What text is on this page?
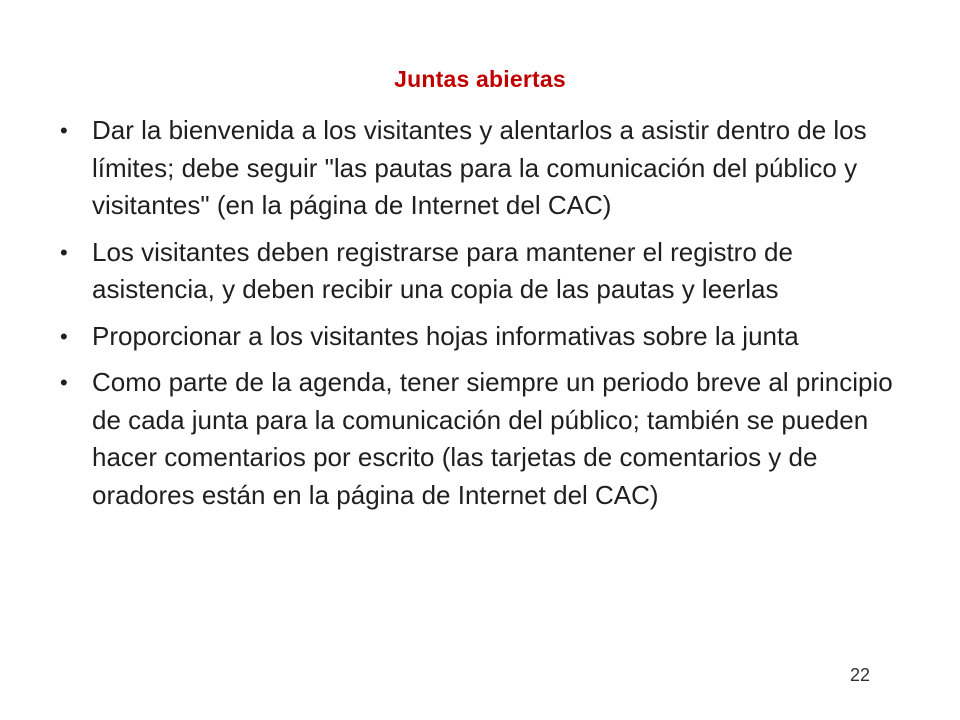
Juntas abiertas
• Dar la bienvenida a los visitantes y alentarlos a asistir dentro de los límites; debe seguir "las pautas para la comunicación del público y visitantes" (en la página de Internet del CAC)
• Los visitantes deben registrarse para mantener el registro de asistencia, y deben recibir una copia de las pautas y leerlas
• Proporcionar a los visitantes hojas informativas sobre la junta
• Como parte de la agenda, tener siempre un periodo breve al principio de cada junta para la comunicación del público; también se pueden hacer comentarios por escrito (las tarjetas de comentarios y de oradores están en la página de Internet del CAC)
22
